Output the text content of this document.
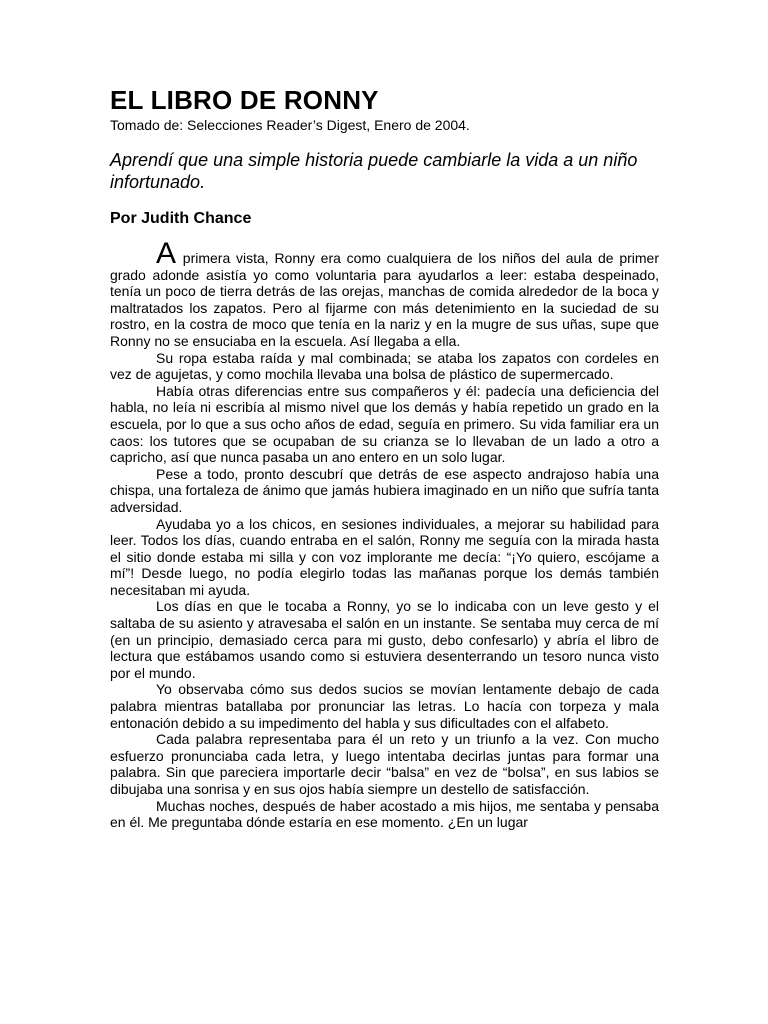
EL LIBRO DE RONNY

Tomado de: Selecciones Reader’s Digest, Enero de 2004.

Aprendí que una simple historia puede cambiarle la vida a un niño infortunado.

Por Judith Chance

A primera vista, Ronny era como cualquiera de los niños del aula de primer grado adonde asistía yo como voluntaria para ayudarlos a leer: estaba despeinado, tenía un poco de tierra detrás de las orejas, manchas de comida alrededor de la boca y maltratados los zapatos. Pero al fijarme con más detenimiento en la suciedad de su rostro, en la costra de moco que tenía en la nariz y en la mugre de sus uñas, supe que Ronny no se ensuciaba en la escuela. Así llegaba a ella.

Su ropa estaba raída y mal combinada; se ataba los zapatos con cordeles en vez de agujetas, y como mochila llevaba una bolsa de plástico de supermercado.

Había otras diferencias entre sus compañeros y él: padecía una deficiencia del habla, no leía ni escribía al mismo nivel que los demás y había repetido un grado en la escuela, por lo que a sus ocho años de edad, seguía en primero. Su vida familiar era un caos: los tutores que se ocupaban de su crianza se lo llevaban de un lado a otro a capricho, así que nunca pasaba un ano entero en un solo lugar.

Pese a todo, pronto descubrí que detrás de ese aspecto andrajoso había una chispa, una fortaleza de ánimo que jamás hubiera imaginado en un niño que sufría tanta adversidad.

Ayudaba yo a los chicos, en sesiones individuales, a mejorar su habilidad para leer. Todos los días, cuando entraba en el salón, Ronny me seguía con la mirada hasta el sitio donde estaba mi silla y con voz implorante me decía: “¡Yo quiero, escójame a mí”! Desde luego, no podía elegirlo todas las mañanas porque los demás también necesitaban mi ayuda.

Los días en que le tocaba a Ronny, yo se lo indicaba con un leve gesto y el saltaba de su asiento y atravesaba el salón en un instante. Se sentaba muy cerca de mí (en un principio, demasiado cerca para mi gusto, debo confesarlo) y abría el libro de lectura que estábamos usando como si estuviera desenterrando un tesoro nunca visto por el mundo.

Yo observaba cómo sus dedos sucios se movían lentamente debajo de cada palabra mientras batallaba por pronunciar las letras. Lo hacía con torpeza y mala entonación debido a su impedimento del habla y sus dificultades con el alfabeto.

Cada palabra representaba para él un reto y un triunfo a la vez. Con mucho esfuerzo pronunciaba cada letra, y luego intentaba decirlas juntas para formar una palabra. Sin que pareciera importarle decir “balsa” en vez de “bolsa”, en sus labios se dibujaba una sonrisa y en sus ojos había siempre un destello de satisfacción.

Muchas noches, después de haber acostado a mis hijos, me sentaba y pensaba en él. Me preguntaba dónde estaría en ese momento. ¿En un lugar
